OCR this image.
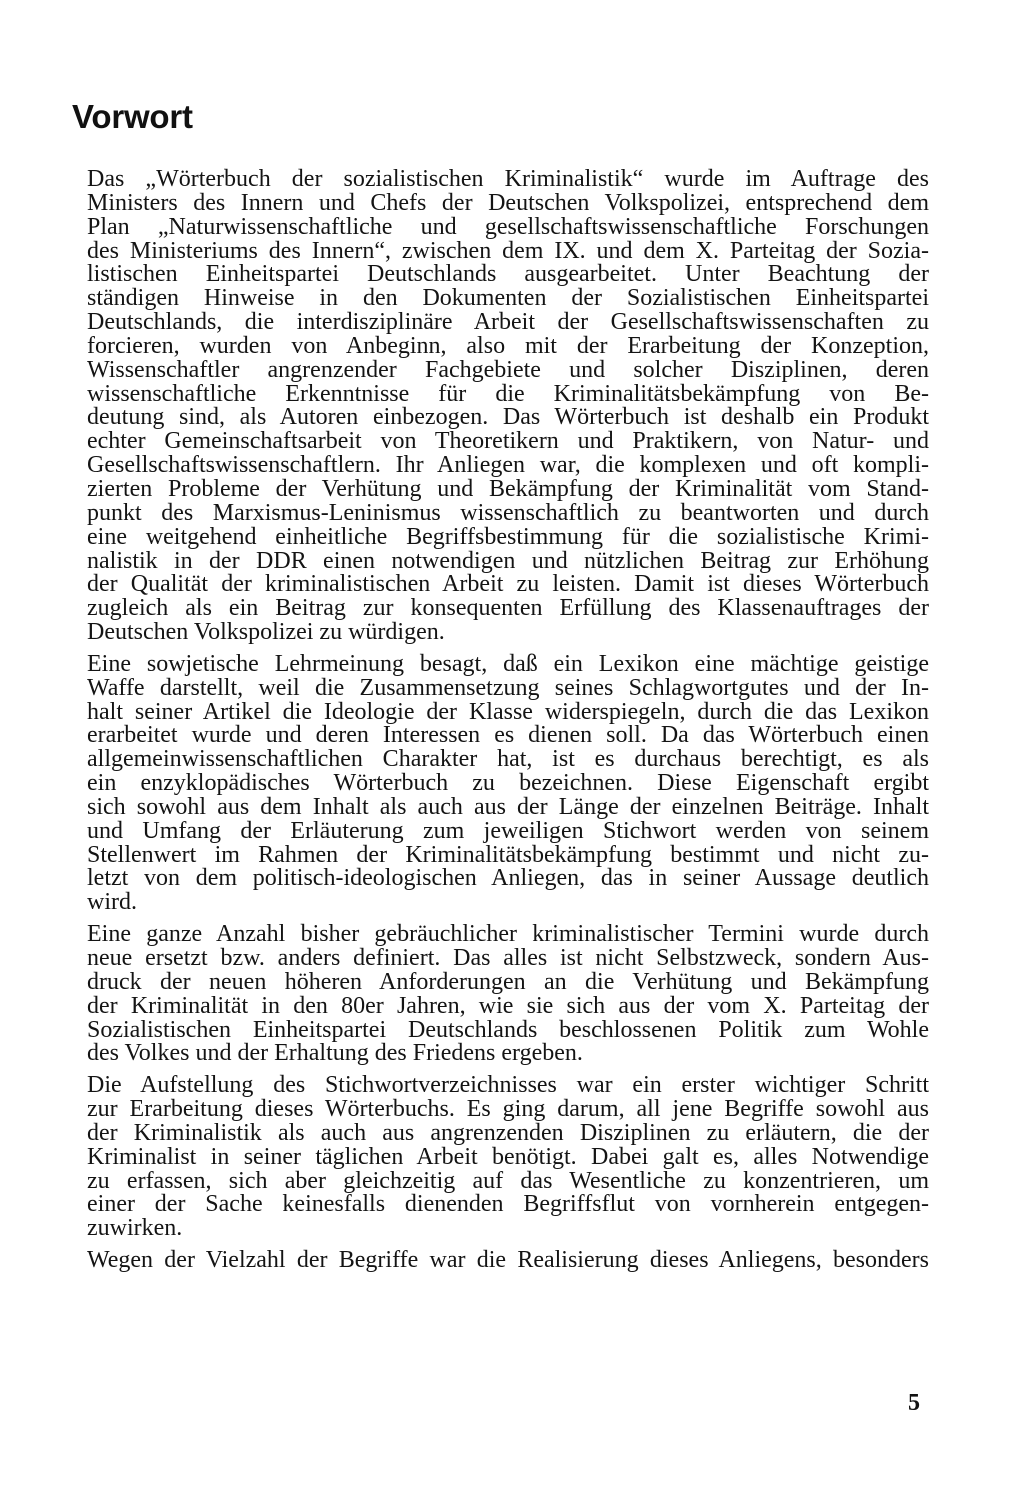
Vorwort

Das „Wörterbuch der sozialistischen Kriminalistik“ wurde im Auftrage des
Ministers des Innern und Chefs der Deutschen Volkspolizei, entsprechend dem
Plan „Naturwissenschaftliche und gesellschaftswissenschaftliche Forschungen
des Ministeriums des Innern“, zwischen dem IX. und dem X. Parteitag der Sozia-
listischen Einheitspartei Deutschlands ausgearbeitet. Unter Beachtung der
ständigen Hinweise in den Dokumenten der Sozialistischen Einheitspartei
Deutschlands, die interdisziplinäre Arbeit der Gesellschaftswissenschaften zu
forcieren, wurden von Anbeginn, also mit der Erarbeitung der Konzeption,
Wissenschaftler angrenzender Fachgebiete und solcher Disziplinen, deren
wissenschaftliche Erkenntnisse für die Kriminalitätsbekämpfung von Be-
deutung sind, als Autoren einbezogen. Das Wörterbuch ist deshalb ein Produkt
echter Gemeinschaftsarbeit von Theoretikern und Praktikern, von Natur- und
Gesellschaftswissenschaftlern. Ihr Anliegen war, die komplexen und oft kompli-
zierten Probleme der Verhütung und Bekämpfung der Kriminalität vom Stand-
punkt des Marxismus-Leninismus wissenschaftlich zu beantworten und durch
eine weitgehend einheitliche Begriffsbestimmung für die sozialistische Krimi-
nalistik in der DDR einen notwendigen und nützlichen Beitrag zur Erhöhung
der Qualität der kriminalistischen Arbeit zu leisten. Damit ist dieses Wörterbuch
zugleich als ein Beitrag zur konsequenten Erfüllung des Klassenauftrages der
Deutschen Volkspolizei zu würdigen.

Eine sowjetische Lehrmeinung besagt, daß ein Lexikon eine mächtige geistige
Waffe darstellt, weil die Zusammensetzung seines Schlagwortgutes und der In-
halt seiner Artikel die Ideologie der Klasse widerspiegeln, durch die das Lexikon
erarbeitet wurde und deren Interessen es dienen soll. Da das Wörterbuch einen
allgemeinwissenschaftlichen Charakter hat, ist es durchaus berechtigt, es als
ein enzyklopädisches Wörterbuch zu bezeichnen. Diese Eigenschaft ergibt
sich sowohl aus dem Inhalt als auch aus der Länge der einzelnen Beiträge. Inhalt
und Umfang der Erläuterung zum jeweiligen Stichwort werden von seinem
Stellenwert im Rahmen der Kriminalitätsbekämpfung bestimmt und nicht zu-
letzt von dem politisch-ideologischen Anliegen, das in seiner Aussage deutlich
wird.

Eine ganze Anzahl bisher gebräuchlicher kriminalistischer Termini wurde durch
neue ersetzt bzw. anders definiert. Das alles ist nicht Selbstzweck, sondern Aus-
druck der neuen höheren Anforderungen an die Verhütung und Bekämpfung
der Kriminalität in den 80er Jahren, wie sie sich aus der vom X. Parteitag der
Sozialistischen Einheitspartei Deutschlands beschlossenen Politik zum Wohle
des Volkes und der Erhaltung des Friedens ergeben.

Die Aufstellung des Stichwortverzeichnisses war ein erster wichtiger Schritt
zur Erarbeitung dieses Wörterbuchs. Es ging darum, all jene Begriffe sowohl aus
der Kriminalistik als auch aus angrenzenden Disziplinen zu erläutern, die der
Kriminalist in seiner täglichen Arbeit benötigt. Dabei galt es, alles Notwendige
zu erfassen, sich aber gleichzeitig auf das Wesentliche zu konzentrieren, um
einer der Sache keinesfalls dienenden Begriffsflut von vornherein entgegen-
zuwirken.

Wegen der Vielzahl der Begriffe war die Realisierung dieses Anliegens, besonders

5
